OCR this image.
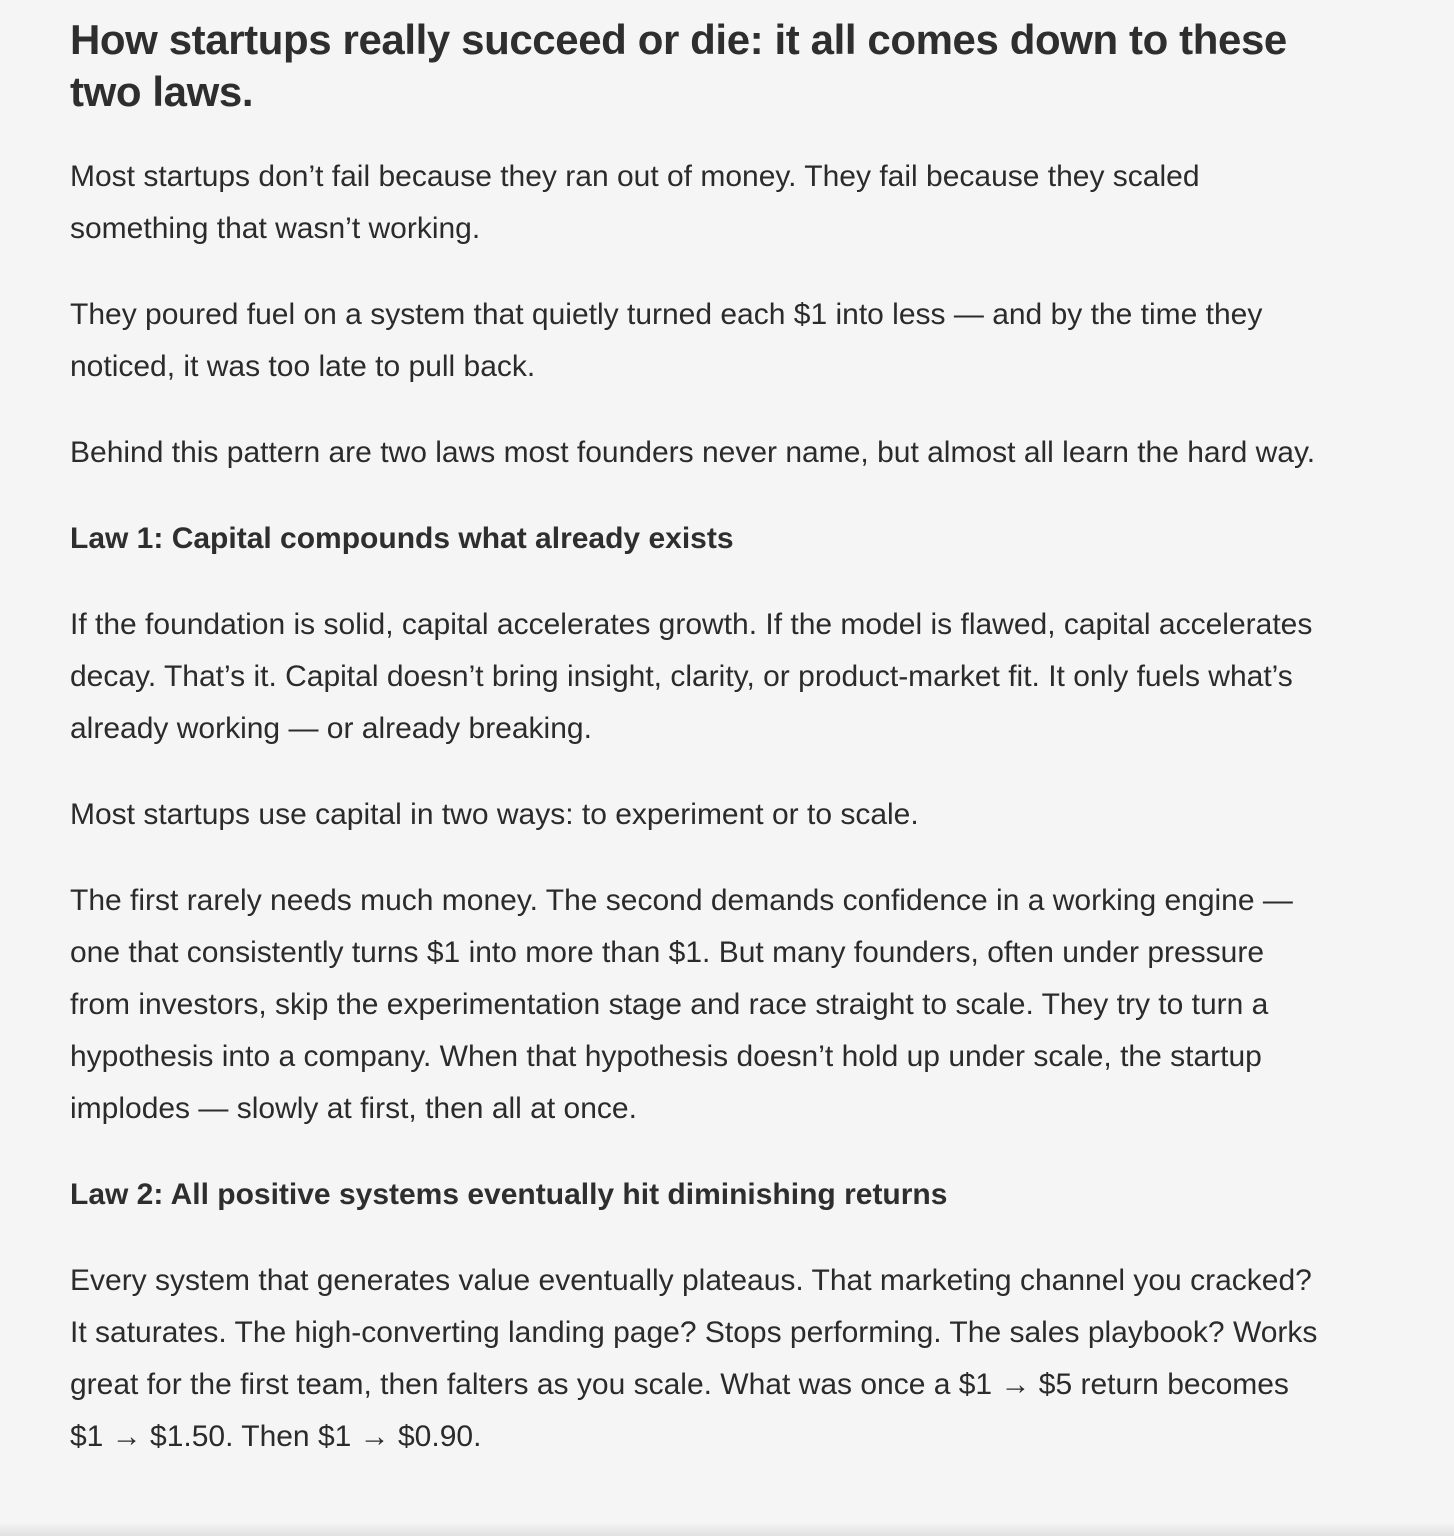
How startups really succeed or die: it all comes down to these two laws.

Most startups don’t fail because they ran out of money. They fail because they scaled something that wasn’t working.

They poured fuel on a system that quietly turned each $1 into less — and by the time they noticed, it was too late to pull back.

Behind this pattern are two laws most founders never name, but almost all learn the hard way.

Law 1: Capital compounds what already exists

If the foundation is solid, capital accelerates growth. If the model is flawed, capital accelerates decay. That’s it. Capital doesn’t bring insight, clarity, or product-market fit. It only fuels what’s already working — or already breaking.

Most startups use capital in two ways: to experiment or to scale.

The first rarely needs much money. The second demands confidence in a working engine — one that consistently turns $1 into more than $1. But many founders, often under pressure from investors, skip the experimentation stage and race straight to scale. They try to turn a hypothesis into a company. When that hypothesis doesn’t hold up under scale, the startup implodes — slowly at first, then all at once.

Law 2: All positive systems eventually hit diminishing returns

Every system that generates value eventually plateaus. That marketing channel you cracked? It saturates. The high-converting landing page? Stops performing. The sales playbook? Works great for the first team, then falters as you scale. What was once a $1 → $5 return becomes $1 → $1.50. Then $1 → $0.90.
